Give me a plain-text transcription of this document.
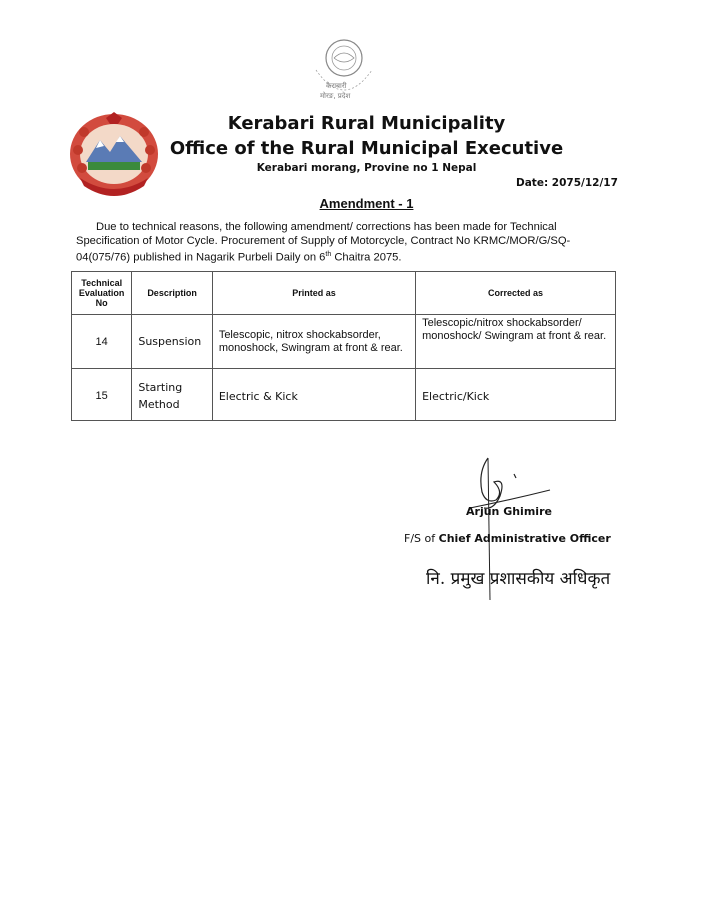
केराबारी
मोरङ, प्रदेश
Kerabari Rural Municipality
Office of the Rural Municipal Executive
Kerabari morang, Provine no 1 Nepal
Date: 2075/12/17
Amendment - 1
Due to technical reasons, the following amendment/ corrections has been made for Technical
Specification of Motor Cycle. Procurement of Supply of Motorcycle, Contract No KRMC/MOR/G/SQ-
04(075/76) published in Nagarik Purbeli Daily on 6th Chaitra 2075.
Technical Evaluation No	Description	Printed as	Corrected as
14	Suspension	Telescopic, nitrox shockabsorder, monoshock, Swingram at front & rear.	Telescopic/nitrox shockabsorder/ monoshock/ Swingram at front & rear.
15	Starting Method	Electric & Kick	Electric/Kick
Arjun Ghimire
F/S of Chief Administrative Officer
नि. प्रमुख प्रशासकीय अधिकृत
